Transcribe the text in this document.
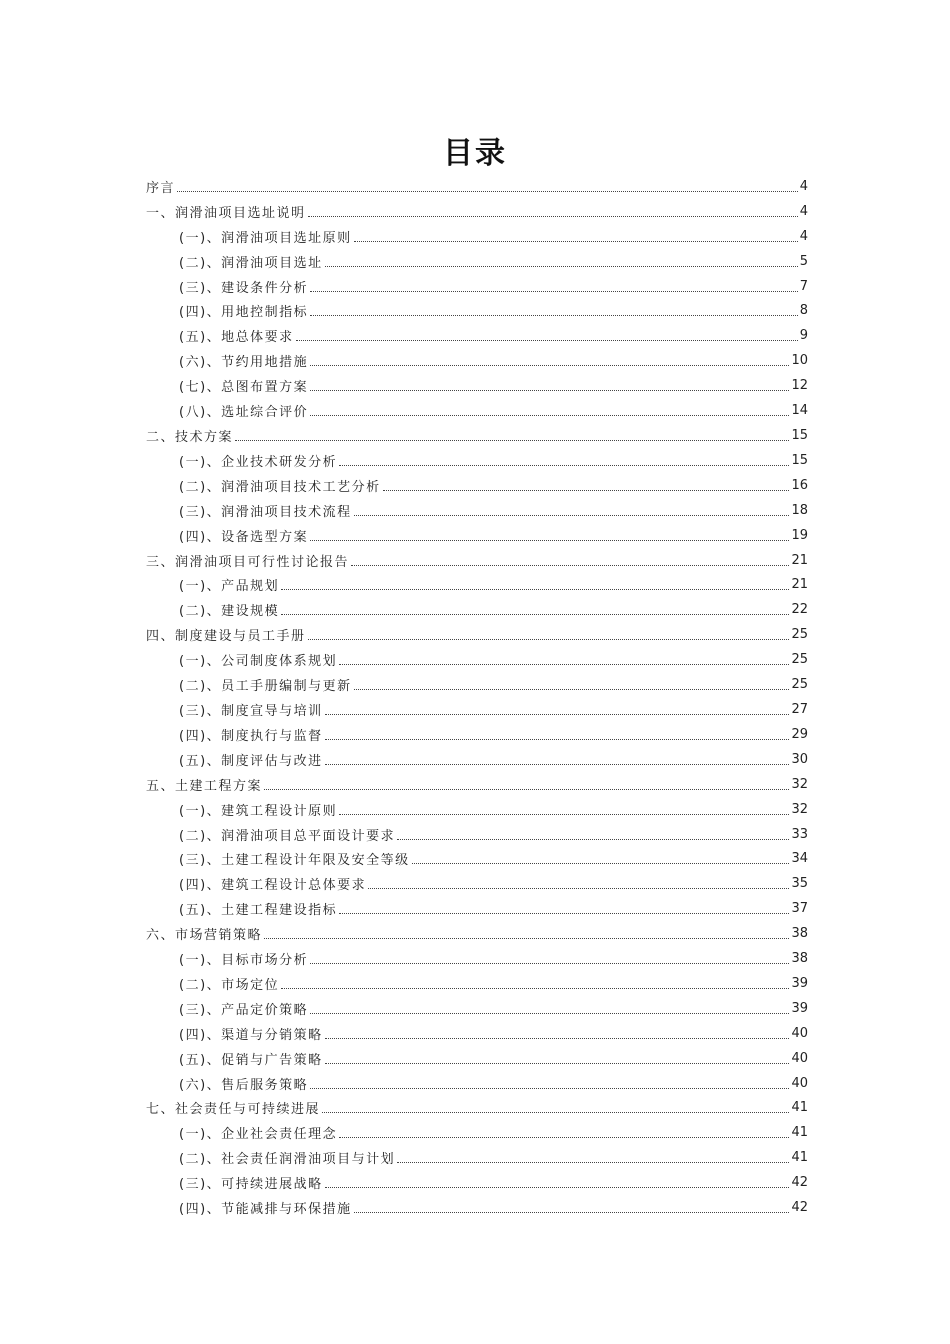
目录
序言	4
一、润滑油项目选址说明	4
(一)、润滑油项目选址原则	4
(二)、润滑油项目选址	5
(三)、建设条件分析	7
(四)、用地控制指标	8
(五)、地总体要求	9
(六)、节约用地措施	10
(七)、总图布置方案	12
(八)、选址综合评价	14
二、技术方案	15
(一)、企业技术研发分析	15
(二)、润滑油项目技术工艺分析	16
(三)、润滑油项目技术流程	18
(四)、设备选型方案	19
三、润滑油项目可行性讨论报告	21
(一)、产品规划	21
(二)、建设规模	22
四、制度建设与员工手册	25
(一)、公司制度体系规划	25
(二)、员工手册编制与更新	25
(三)、制度宣导与培训	27
(四)、制度执行与监督	29
(五)、制度评估与改进	30
五、土建工程方案	32
(一)、建筑工程设计原则	32
(二)、润滑油项目总平面设计要求	33
(三)、土建工程设计年限及安全等级	34
(四)、建筑工程设计总体要求	35
(五)、土建工程建设指标	37
六、市场营销策略	38
(一)、目标市场分析	38
(二)、市场定位	39
(三)、产品定价策略	39
(四)、渠道与分销策略	40
(五)、促销与广告策略	40
(六)、售后服务策略	40
七、社会责任与可持续进展	41
(一)、企业社会责任理念	41
(二)、社会责任润滑油项目与计划	41
(三)、可持续进展战略	42
(四)、节能减排与环保措施	42
